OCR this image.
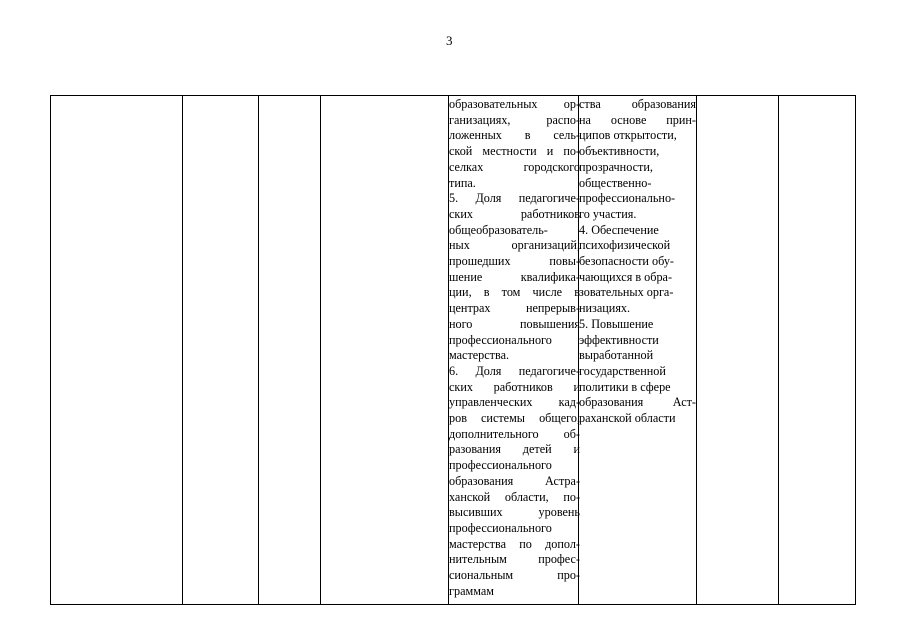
3
образовательных ор-
ганизациях, распо-
ложенных в сель-
ской местности и по-
селках городского
типа.
5. Доля педагогиче-
ских работников
общеобразователь-
ных организаций,
прошедших повы-
шение квалифика-
ции, в том числе в
центрах непрерыв-
ного повышения
профессионального
мастерства.
6. Доля педагогиче-
ских работников и
управленческих кад-
ров системы общего,
дополнительного об-
разования детей и
профессионального
образования Астра-
ханской области, по-
высивших уровень
профессионального
мастерства по допол-
нительным профес-
сиональным про-
граммам
ства образования
на основе прин-
ципов открытости,
объективности,
прозрачности,
общественно-
профессионально-
го участия.
4. Обеспечение
психофизической
безопасности обу-
чающихся в обра-
зовательных орга-
низациях.
5. Повышение
эффективности
выработанной
государственной
политики в сфере
образования Аст-
раханской области
